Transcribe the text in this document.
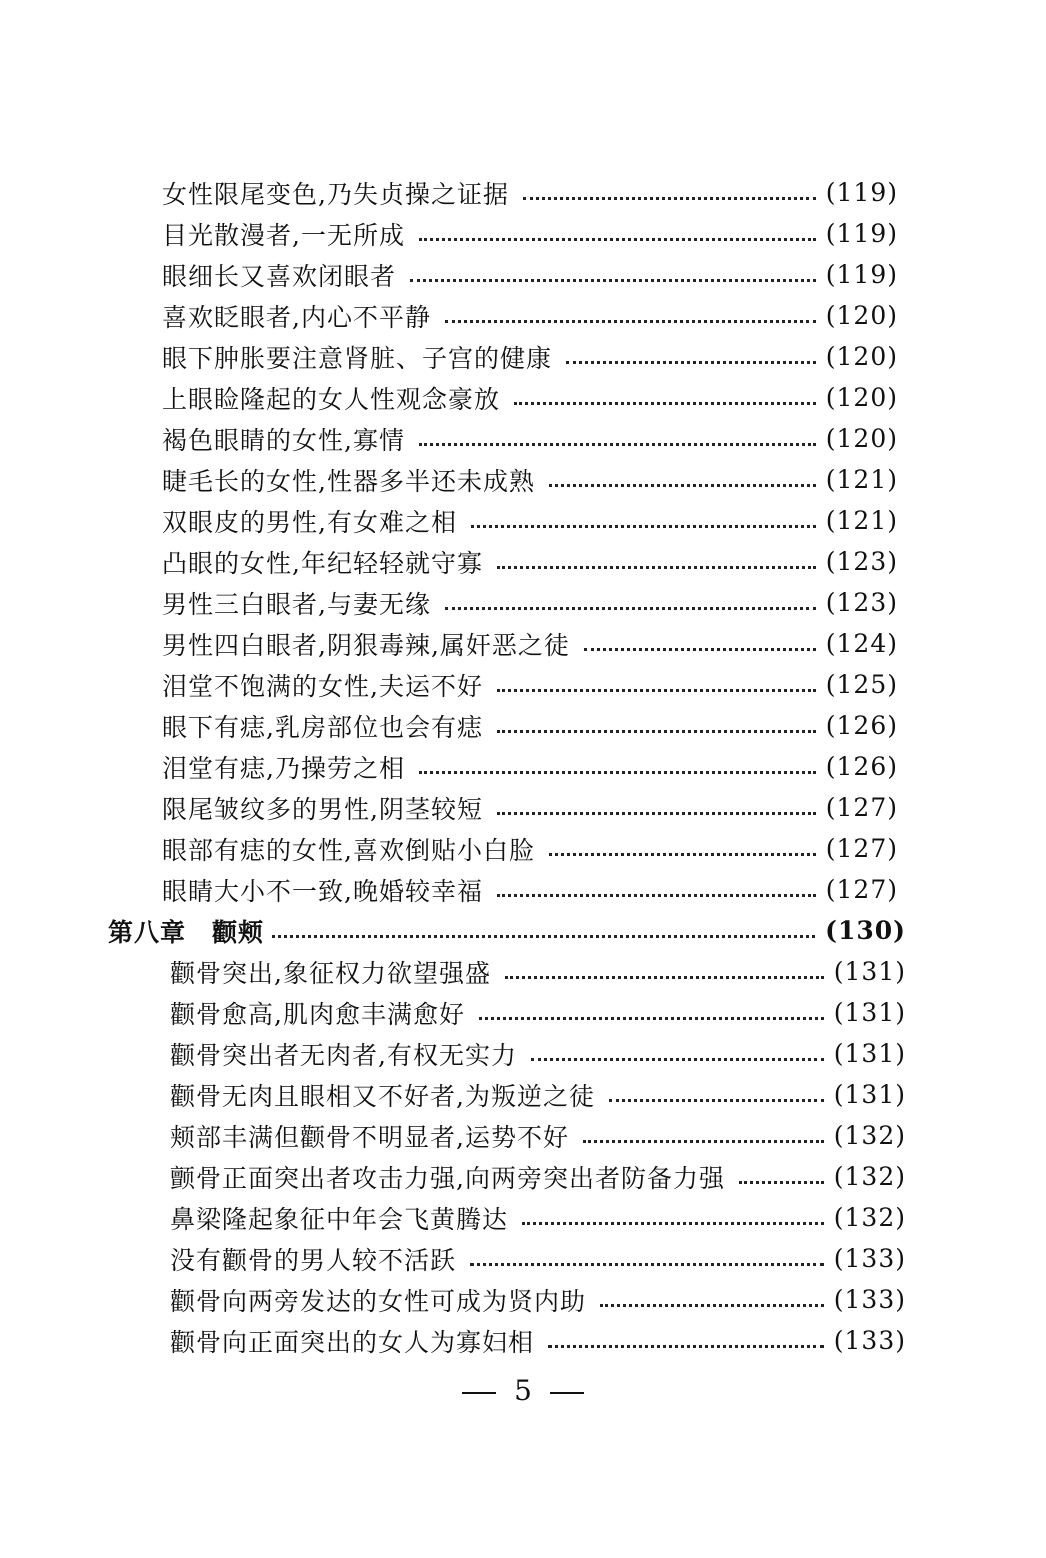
女性限尾变色,乃失贞操之证据	(119)
目光散漫者,一无所成	(119)
眼细长又喜欢闭眼者	(119)
喜欢眨眼者,内心不平静	(120)
眼下肿胀要注意肾脏、子宫的健康	(120)
上眼睑隆起的女人性观念豪放	(120)
褐色眼睛的女性,寡情	(120)
睫毛长的女性,性器多半还未成熟	(121)
双眼皮的男性,有女难之相	(121)
凸眼的女性,年纪轻轻就守寡	(123)
男性三白眼者,与妻无缘	(123)
男性四白眼者,阴狠毒辣,属奸恶之徒	(124)
泪堂不饱满的女性,夫运不好	(125)
眼下有痣,乳房部位也会有痣	(126)
泪堂有痣,乃操劳之相	(126)
限尾皱纹多的男性,阴茎较短	(127)
眼部有痣的女性,喜欢倒贴小白脸	(127)
眼睛大小不一致,晚婚较幸福	(127)
第八章　颧颊	(130)
颧骨突出,象征权力欲望强盛	(131)
颧骨愈高,肌肉愈丰满愈好	(131)
颧骨突出者无肉者,有权无实力	(131)
颧骨无肉且眼相又不好者,为叛逆之徒	(131)
颊部丰满但颧骨不明显者,运势不好	(132)
颤骨正面突出者攻击力强,向两旁突出者防备力强	(132)
鼻梁隆起象征中年会飞黄腾达	(132)
没有颧骨的男人较不活跃	(133)
颧骨向两旁发达的女性可成为贤内助	(133)
颧骨向正面突出的女人为寡妇相	(133)
5
